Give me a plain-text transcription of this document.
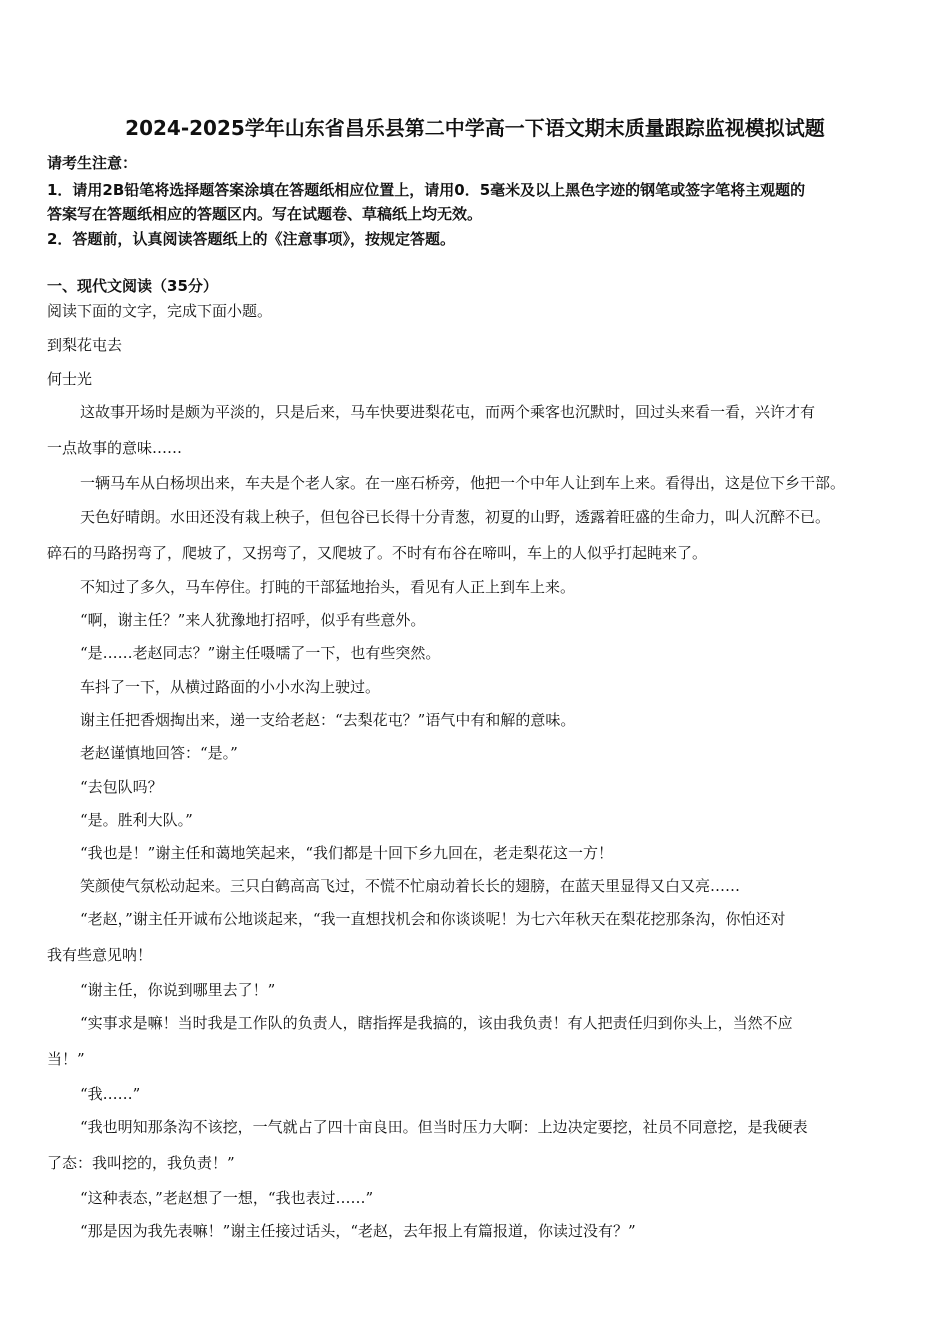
2024-2025学年山东省昌乐县第二中学高一下语文期末质量跟踪监视模拟试题
请考生注意：
1．请用2B铅笔将选择题答案涂填在答题纸相应位置上，请用0．5毫米及以上黑色字迹的钢笔或签字笔将主观题的
答案写在答题纸相应的答题区内。写在试题卷、草稿纸上均无效。
2．答题前，认真阅读答题纸上的《注意事项》，按规定答题。
一、现代文阅读（35分）
阅读下面的文字，完成下面小题。
到梨花屯去
何士光
这故事开场时是颇为平淡的，只是后来，马车快要进梨花屯，而两个乘客也沉默时，回过头来看一看，兴许才有
一点故事的意味……
一辆马车从白杨坝出来，车夫是个老人家。在一座石桥旁，他把一个中年人让到车上来。看得出，这是位下乡干部。
天色好晴朗。水田还没有栽上秧子，但包谷已长得十分青葱，初夏的山野，透露着旺盛的生命力，叫人沉醉不已。
碎石的马路拐弯了，爬坡了，又拐弯了，又爬坡了。不时有布谷在啼叫，车上的人似乎打起盹来了。
不知过了多久，马车停住。打盹的干部猛地抬头，看见有人正上到车上来。
“啊，谢主任？”来人犹豫地打招呼，似乎有些意外。
“是……老赵同志？”谢主任嗫嚅了一下，也有些突然。
车抖了一下，从横过路面的小小水沟上驶过。
谢主任把香烟掏出来，递一支给老赵：“去梨花屯？”语气中有和解的意味。
老赵谨慎地回答：“是。”
“去包队吗？
“是。胜利大队。”
“我也是！”谢主任和蔼地笑起来，“我们都是十回下乡九回在，老走梨花这一方！
笑颜使气氛松动起来。三只白鹤高高飞过，不慌不忙扇动着长长的翅膀，在蓝天里显得又白又亮……
“老赵，”谢主任开诚布公地谈起来，“我一直想找机会和你谈谈呢！为七六年秋天在梨花挖那条沟，你怕还对
我有些意见呐！
“谢主任，你说到哪里去了！”
“实事求是嘛！当时我是工作队的负责人，瞎指挥是我搞的，该由我负责！有人把责任归到你头上，当然不应
当！”
“我……”
“我也明知那条沟不该挖，一气就占了四十亩良田。但当时压力大啊：上边决定要挖，社员不同意挖，是我硬表
了态：我叫挖的，我负责！”
“这种表态，”老赵想了一想，“我也表过……”
“那是因为我先表嘛！”谢主任接过话头，“老赵，去年报上有篇报道，你读过没有？”
